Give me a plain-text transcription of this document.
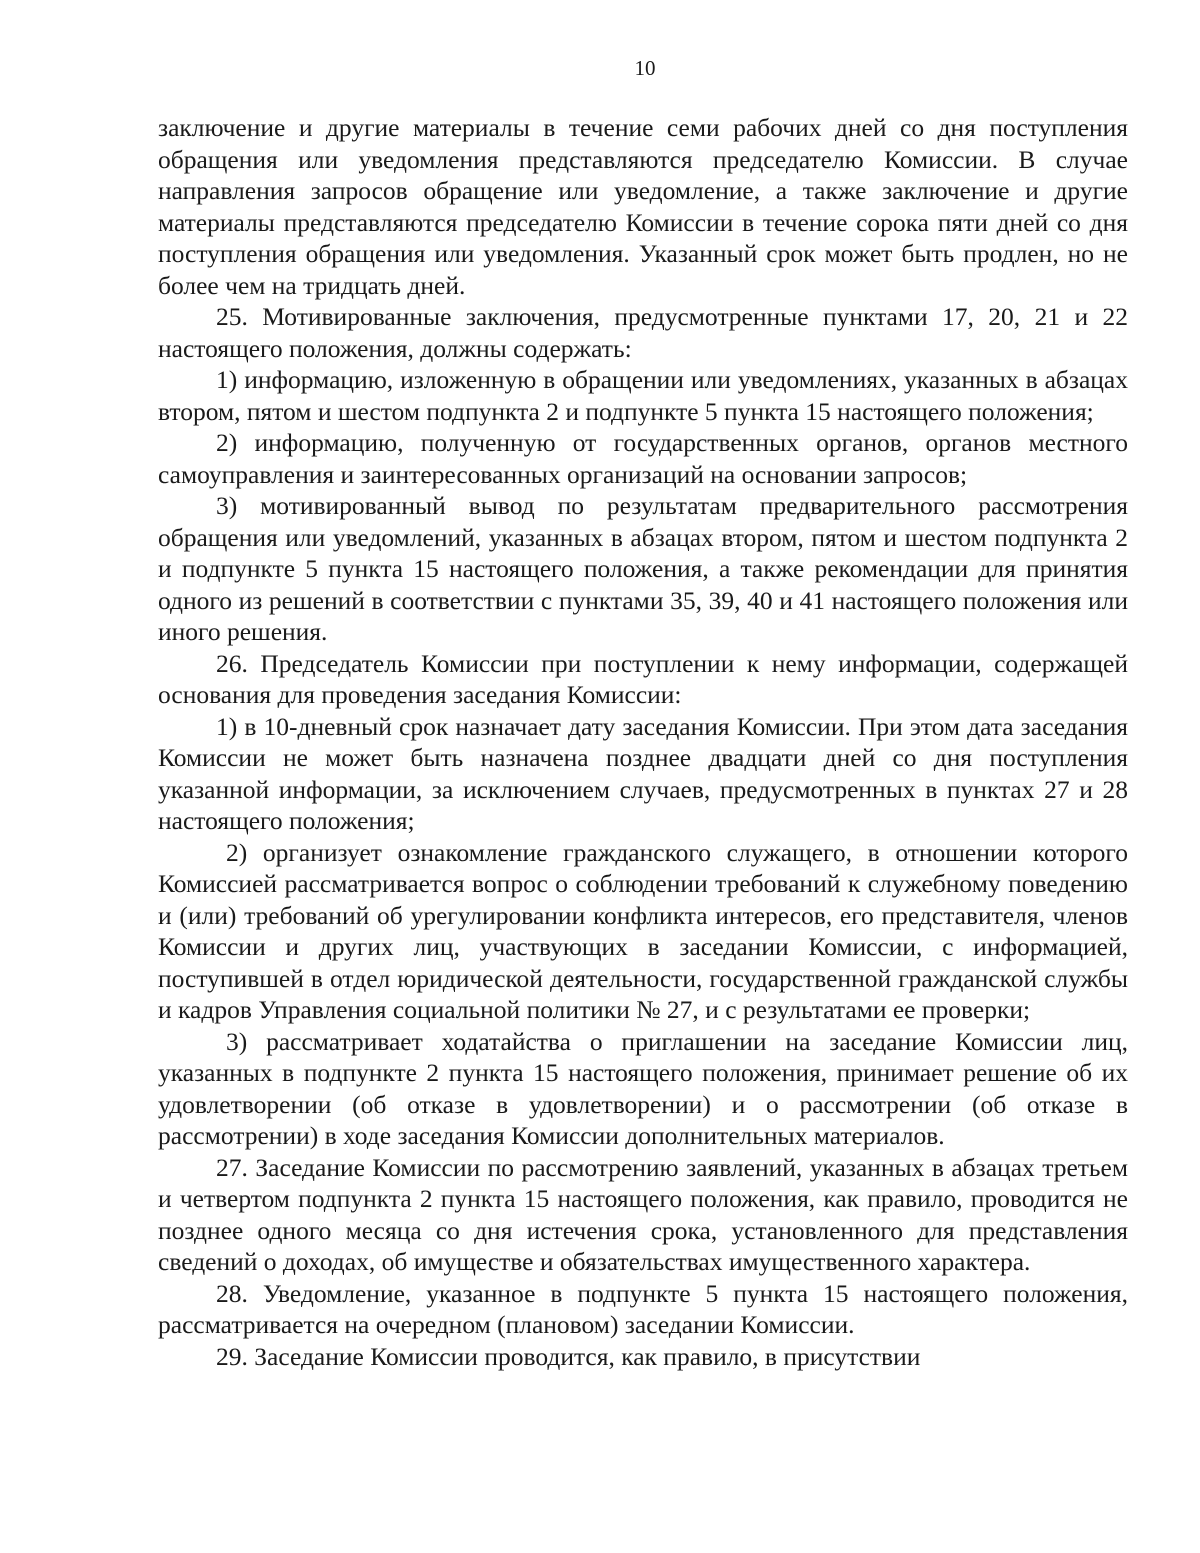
10

заключение и другие материалы в течение семи рабочих дней со дня поступления обращения или уведомления представляются председателю Комиссии. В случае направления запросов обращение или уведомление, а также заключение и другие материалы представляются председателю Комиссии в течение сорока пяти дней со дня поступления обращения или уведомления. Указанный срок может быть продлен, но не более чем на тридцать дней.

25. Мотивированные заключения, предусмотренные пунктами 17, 20, 21 и 22 настоящего положения, должны содержать:

1) информацию, изложенную в обращении или уведомлениях, указанных в абзацах втором, пятом и шестом подпункта 2 и подпункте 5 пункта 15 настоящего положения;

2) информацию, полученную от государственных органов, органов местного самоуправления и заинтересованных организаций на основании запросов;

3) мотивированный вывод по результатам предварительного рассмотрения обращения или уведомлений, указанных в абзацах втором, пятом и шестом подпункта 2 и подпункте 5 пункта 15 настоящего положения, а также рекомендации для принятия одного из решений в соответствии с пунктами 35, 39, 40 и 41 настоящего положения или иного решения.

26. Председатель Комиссии при поступлении к нему информации, содержащей основания для проведения заседания Комиссии:

1) в 10-дневный срок назначает дату заседания Комиссии. При этом дата заседания Комиссии не может быть назначена позднее двадцати дней со дня поступления указанной информации, за исключением случаев, предусмотренных в пунктах 27 и 28 настоящего положения;

2) организует ознакомление гражданского служащего, в отношении которого Комиссией рассматривается вопрос о соблюдении требований к служебному поведению и (или) требований об урегулировании конфликта интересов, его представителя, членов Комиссии и других лиц, участвующих в заседании Комиссии, с информацией, поступившей в отдел юридической деятельности, государственной гражданской службы и кадров Управления социальной политики № 27, и с результатами ее проверки;

3) рассматривает ходатайства о приглашении на заседание Комиссии лиц, указанных в подпункте 2 пункта 15 настоящего положения, принимает решение об их удовлетворении (об отказе в удовлетворении) и о рассмотрении (об отказе в рассмотрении) в ходе заседания Комиссии дополнительных материалов.

27. Заседание Комиссии по рассмотрению заявлений, указанных в абзацах третьем и четвертом подпункта 2 пункта 15 настоящего положения, как правило, проводится не позднее одного месяца со дня истечения срока, установленного для представления сведений о доходах, об имуществе и обязательствах имущественного характера.

28. Уведомление, указанное в подпункте 5 пункта 15 настоящего положения, рассматривается на очередном (плановом) заседании Комиссии.

29. Заседание Комиссии проводится, как правило, в присутствии
